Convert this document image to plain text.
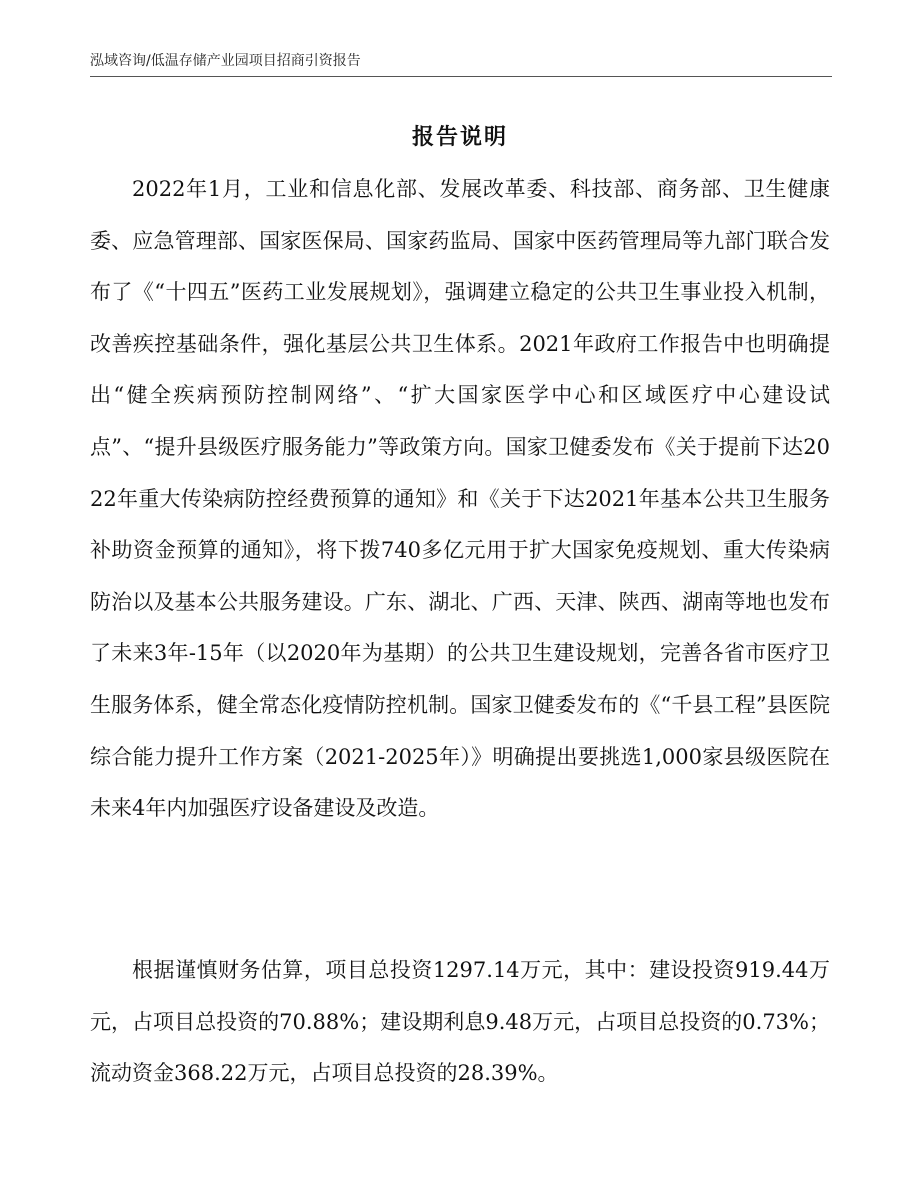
泓域咨询/低温存储产业园项目招商引资报告
报告说明

2022年1月，工业和信息化部、发展改革委、科技部、商务部、卫生健康委、应急管理部、国家医保局、国家药监局、国家中医药管理局等九部门联合发布了《“十四五”医药工业发展规划》，强调建立稳定的公共卫生事业投入机制，改善疾控基础条件，强化基层公共卫生体系。2021年政府工作报告中也明确提出“健全疾病预防控制网络”、“扩大国家医学中心和区域医疗中心建设试点”、“提升县级医疗服务能力”等政策方向。国家卫健委发布《关于提前下达2022年重大传染病防控经费预算的通知》和《关于下达2021年基本公共卫生服务补助资金预算的通知》，将下拨740多亿元用于扩大国家免疫规划、重大传染病防治以及基本公共服务建设。广东、湖北、广西、天津、陕西、湖南等地也发布了未来3年-15年（以2020年为基期）的公共卫生建设规划，完善各省市医疗卫生服务体系，健全常态化疫情防控机制。国家卫健委发布的《“千县工程”县医院综合能力提升工作方案（2021-2025年）》明确提出要挑选1,000家县级医院在未来4年内加强医疗设备建设及改造。

根据谨慎财务估算，项目总投资1297.14万元，其中：建设投资919.44万元，占项目总投资的70.88%；建设期利息9.48万元，占项目总投资的0.73%；流动资金368.22万元，占项目总投资的28.39%。
